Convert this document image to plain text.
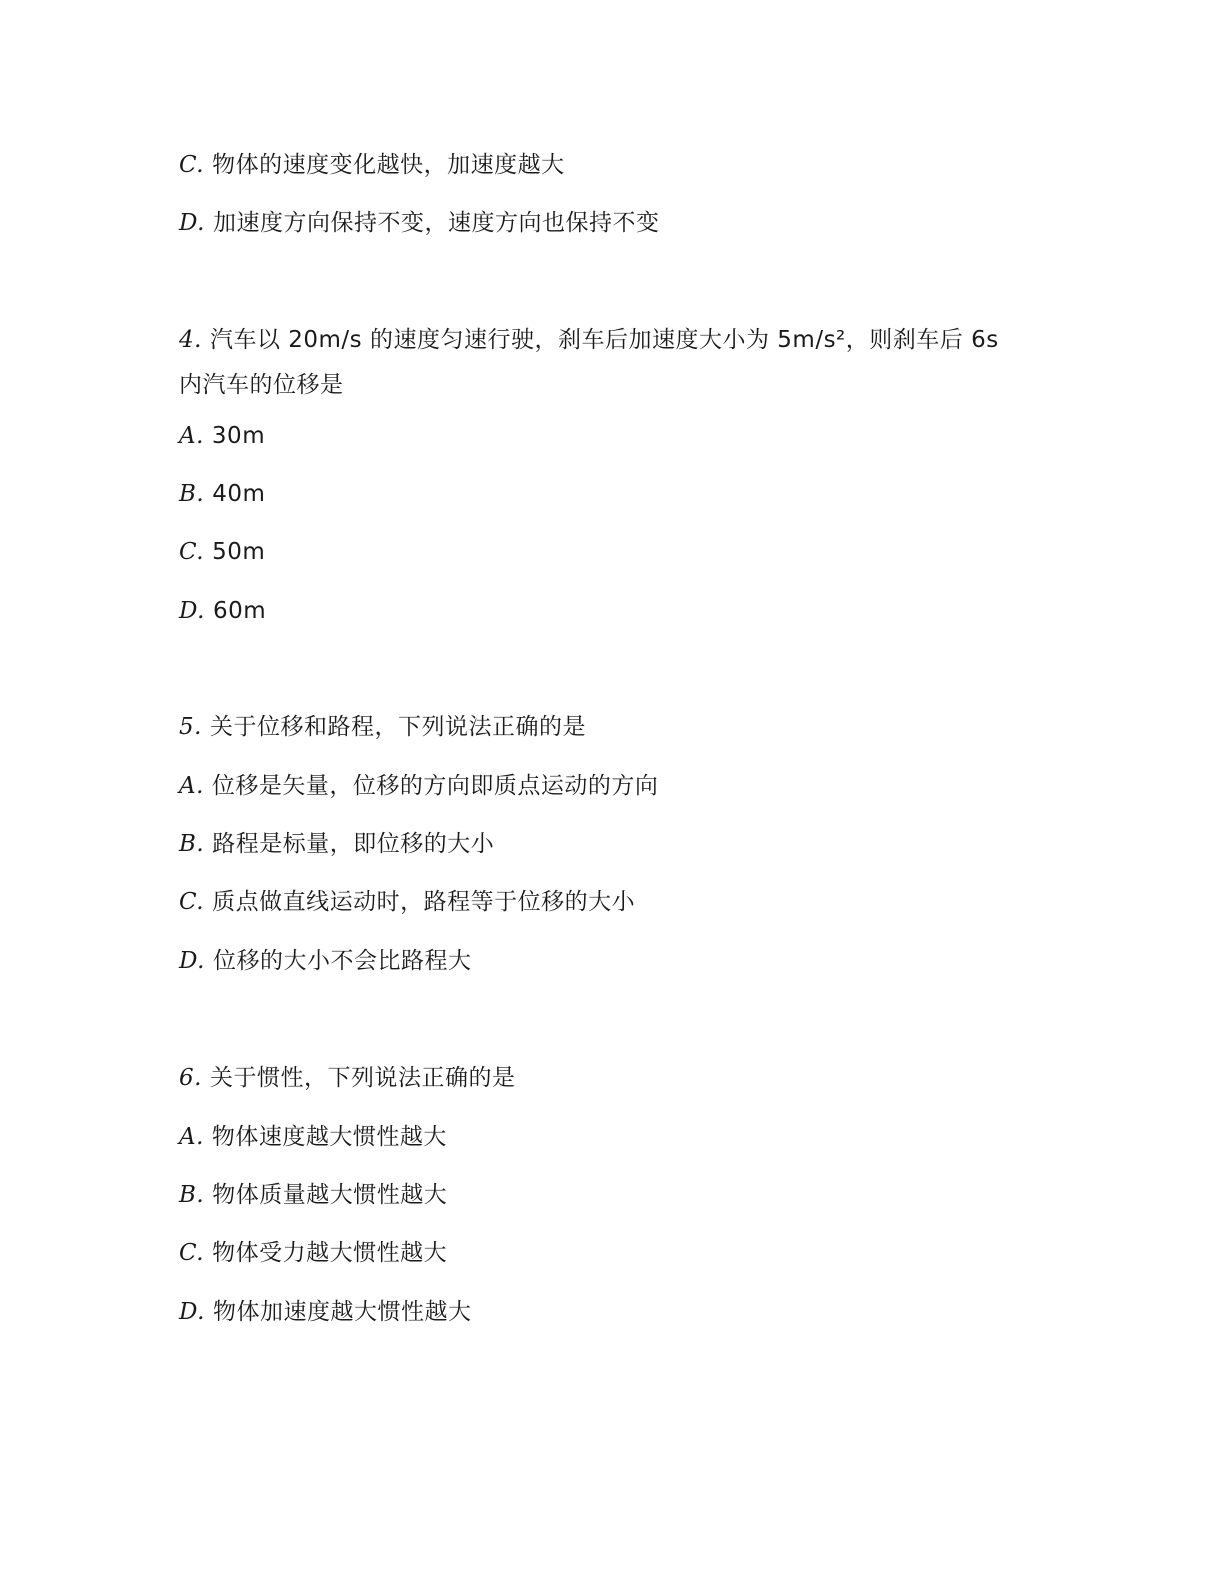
C. 物体的速度变化越快，加速度越大
D. 加速度方向保持不变，速度方向也保持不变
4. 汽车以 20m/s 的速度匀速行驶，刹车后加速度大小为 5m/s²，则刹车后 6s
内汽车的位移是
A. 30m
B. 40m
C. 50m
D. 60m
5. 关于位移和路程，下列说法正确的是
A. 位移是矢量，位移的方向即质点运动的方向
B. 路程是标量，即位移的大小
C. 质点做直线运动时，路程等于位移的大小
D. 位移的大小不会比路程大
6. 关于惯性，下列说法正确的是
A. 物体速度越大惯性越大
B. 物体质量越大惯性越大
C. 物体受力越大惯性越大
D. 物体加速度越大惯性越大
